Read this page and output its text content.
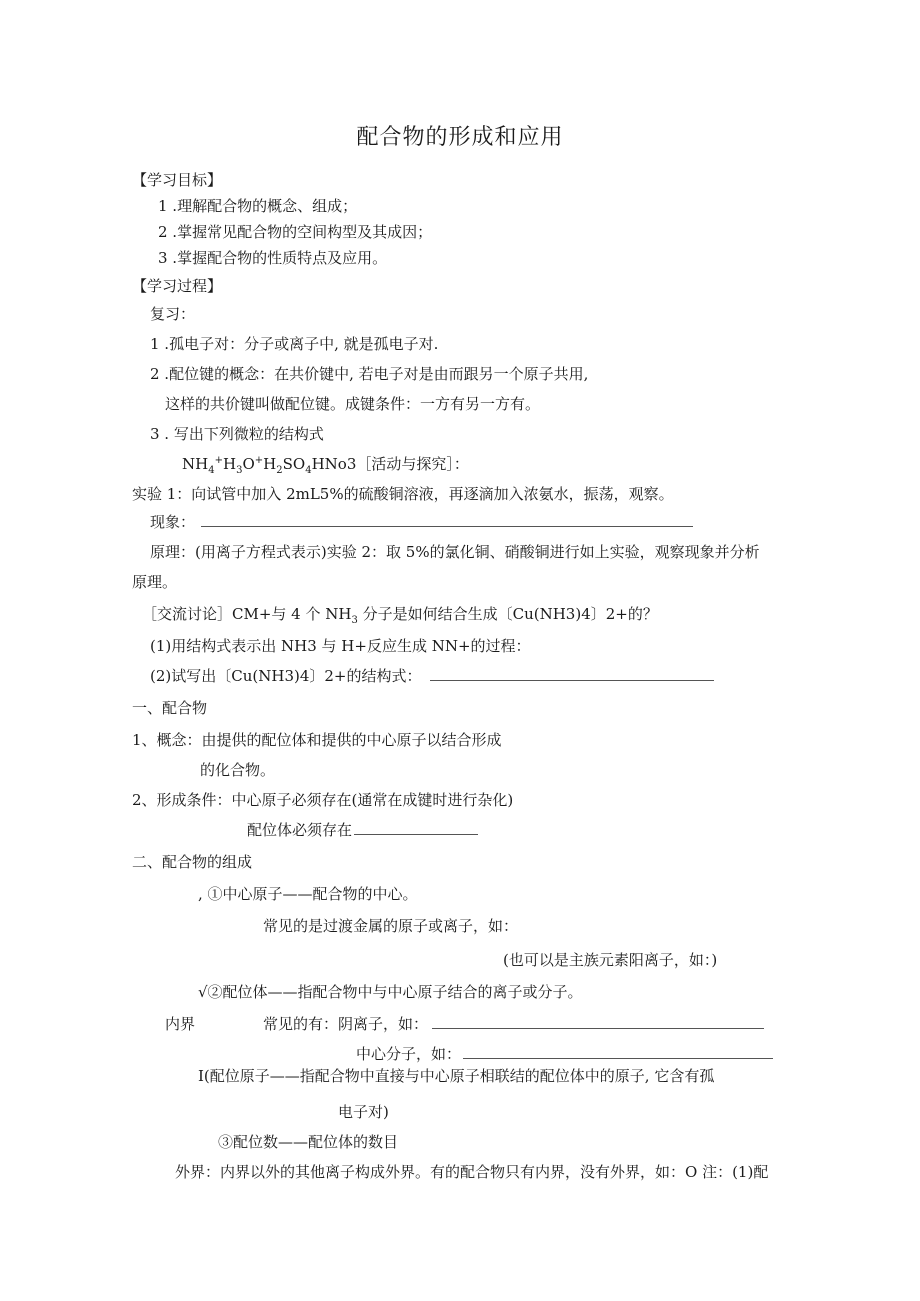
配合物的形成和应用
【学习目标】
1 .理解配合物的概念、组成；
2 .掌握常见配合物的空间构型及其成因；
3 .掌握配合物的性质特点及应用。
【学习过程】
复习：
1 .孤电子对：分子或离子中, 就是孤电子对.
2 .配位键的概念：在共价键中, 若电子对是由而跟另一个原子共用,
这样的共价键叫做配位键。成键条件：一方有另一方有。
3 . 写出下列微粒的结构式
$NH_4^+H_3O^+H_2SO_4HNo3[$活动与探究］：
实验 1：向试管中加入 2mL5%的硫酸铜溶液，再逐滴加入浓氨水，振荡，观察。
现象：
原理：(用离子方程式表示)实验 2：取 5%的氯化铜、硝酸铜进行如上实验，观察现象并分析
原理。
［交流讨论］CM+与 4 个 $NH_3$ 分子是如何结合生成〔Cu(NH3)4〕2+的？
(1)用结构式表示出 NH3 与 H+反应生成 NN+的过程：
(2)试写出〔Cu(NH3)4〕2+的结构式：
一、配合物
1、概念：由提供的配位体和提供的中心原子以结合形成
的化合物。
2、形成条件：中心原子必须存在(通常在成键时进行杂化)
配位体必须存在
二、配合物的组成
, ①中心原子——配合物的中心。
常见的是过渡金属的原子或离子，如：
(也可以是主族元素阳离子，如：)
√②配位体——指配合物中与中心原子结合的离子或分子。
内界	常见的有：阴离子，如：
中心分子，如：
I(配位原子——指配合物中直接与中心原子相联结的配位体中的原子, 它含有孤
电子对)
③配位数——配位体的数目
外界：内界以外的其他离子构成外界。有的配合物只有内界，没有外界，如：O 注：(1)配
